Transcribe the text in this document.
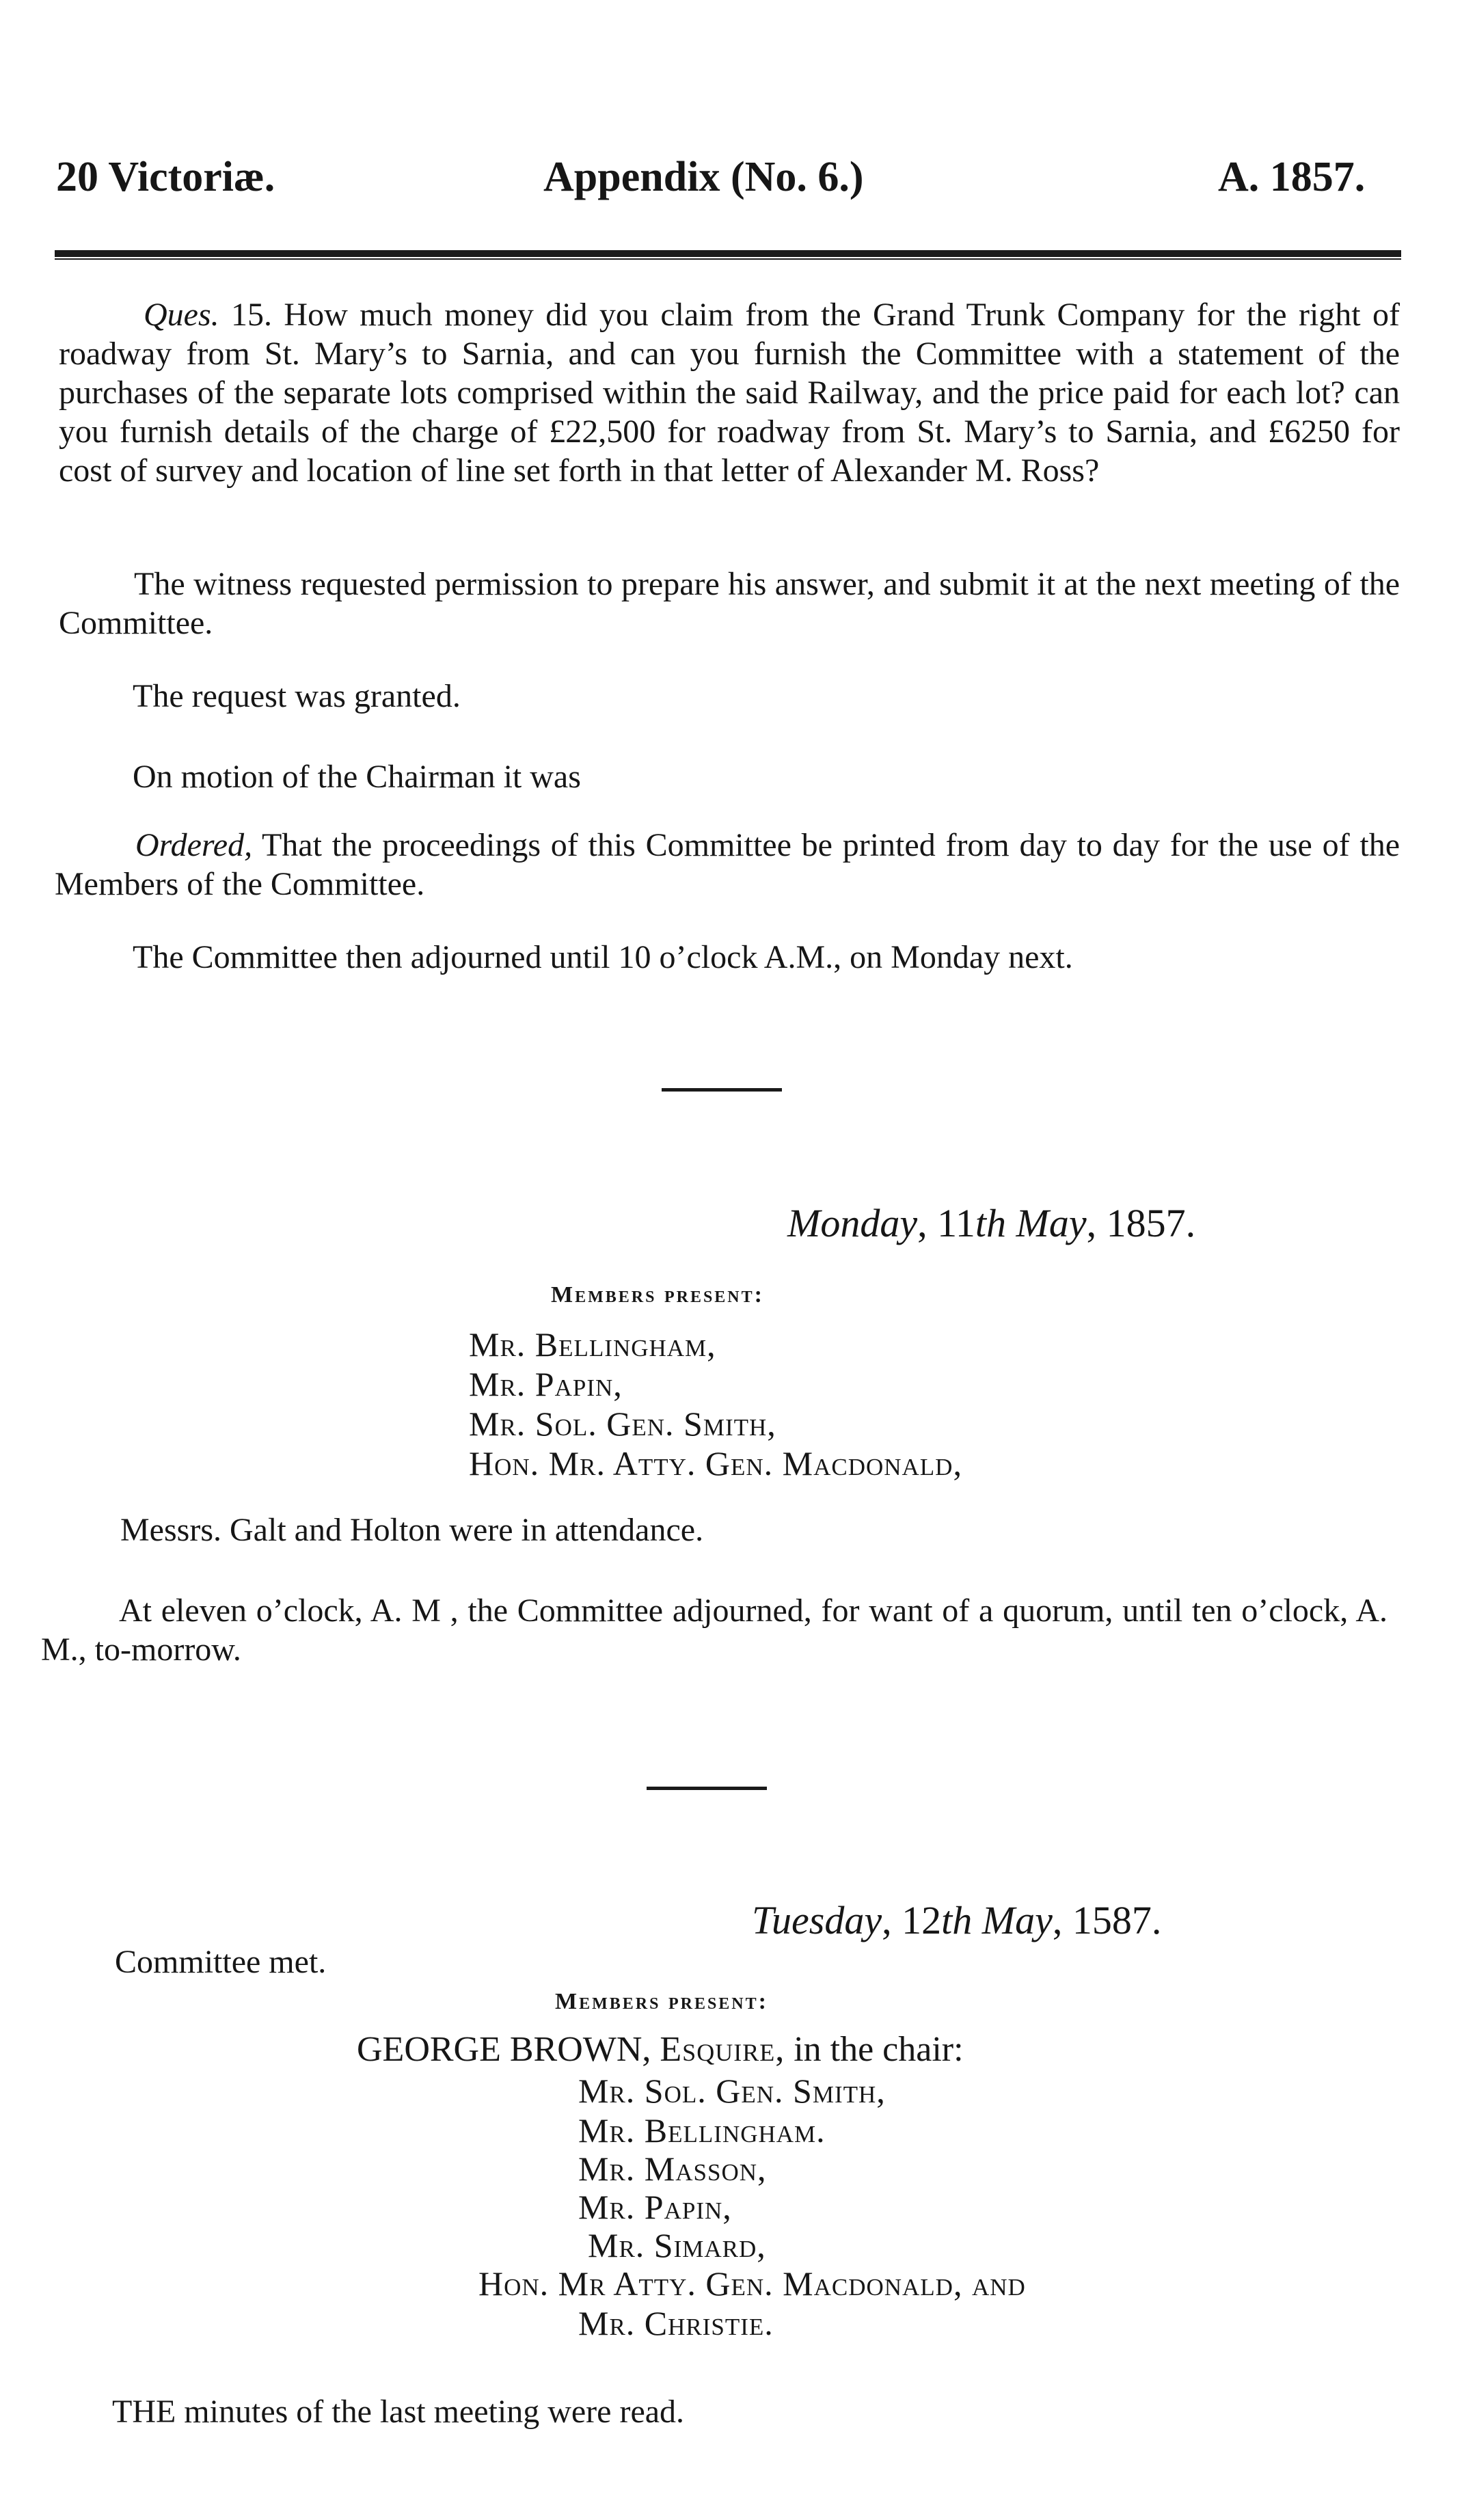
20 Victoriæ.	Appendix (No. 6.)	A. 1857.
Ques. 15. How much money did you claim from the Grand Trunk Company for the right of roadway from St. Mary’s to Sarnia, and can you furnish the Committee with a statement of the purchases of the separate lots comprised within the said Railway, and the price paid for each lot? can you furnish details of the charge of £22,500 for roadway from St. Mary’s to Sarnia, and £6250 for cost of survey and location of line set forth in that letter of Alexander M. Ross?
The witness requested permission to prepare his answer, and submit it at the next meeting of the Committee.
The request was granted.
On motion of the Chairman it was
Ordered, That the proceedings of this Committee be printed from day to day for the use of the Members of the Committee.
The Committee then adjourned until 10 o’clock A.M., on Monday next.
Monday, 11th May, 1857.
Members present:
Mr. Bellingham,
Mr. Papin,
Mr. Sol. Gen. Smith,
Hon. Mr. Atty. Gen. Macdonald,
Messrs. Galt and Holton were in attendance.
At eleven o’clock, A. M , the Committee adjourned, for want of a quorum, until ten o’clock, A. M., to-morrow.
Committee met.
Tuesday, 12th May, 1587.
Members present:
GEORGE BROWN, Esquire, in the chair:
Mr. Sol. Gen. Smith,
Mr. Bellingham.
Mr. Masson,
Mr. Papin,
Mr. Simard,
Hon. Mr Atty. Gen. Macdonald, and
Mr. Christie.
THE minutes of the last meeting were read.
